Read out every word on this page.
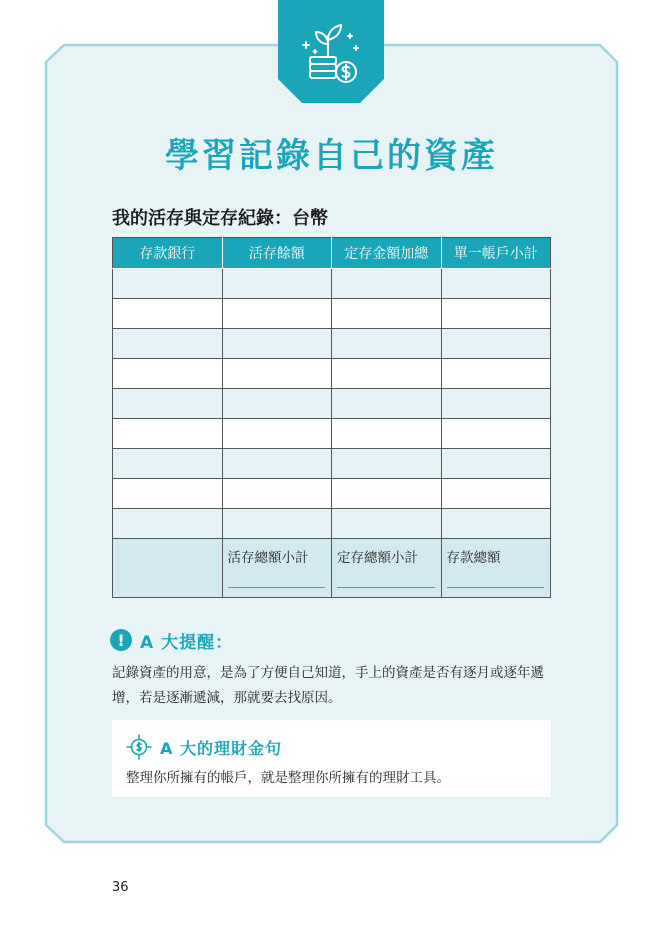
學習記錄自己的資產
我的活存與定存紀錄：台幣
存款銀行	活存餘額	定存金額加總	單一帳戶小計

	活存總額小計	定存總額小計	存款總額
! A 大提醒：
記錄資產的用意，是為了方便自己知道，手上的資產是否有逐月或逐年遞增，若是逐漸遞減，那就要去找原因。
A 大的理財金句
整理你所擁有的帳戶，就是整理你所擁有的理財工具。
36
